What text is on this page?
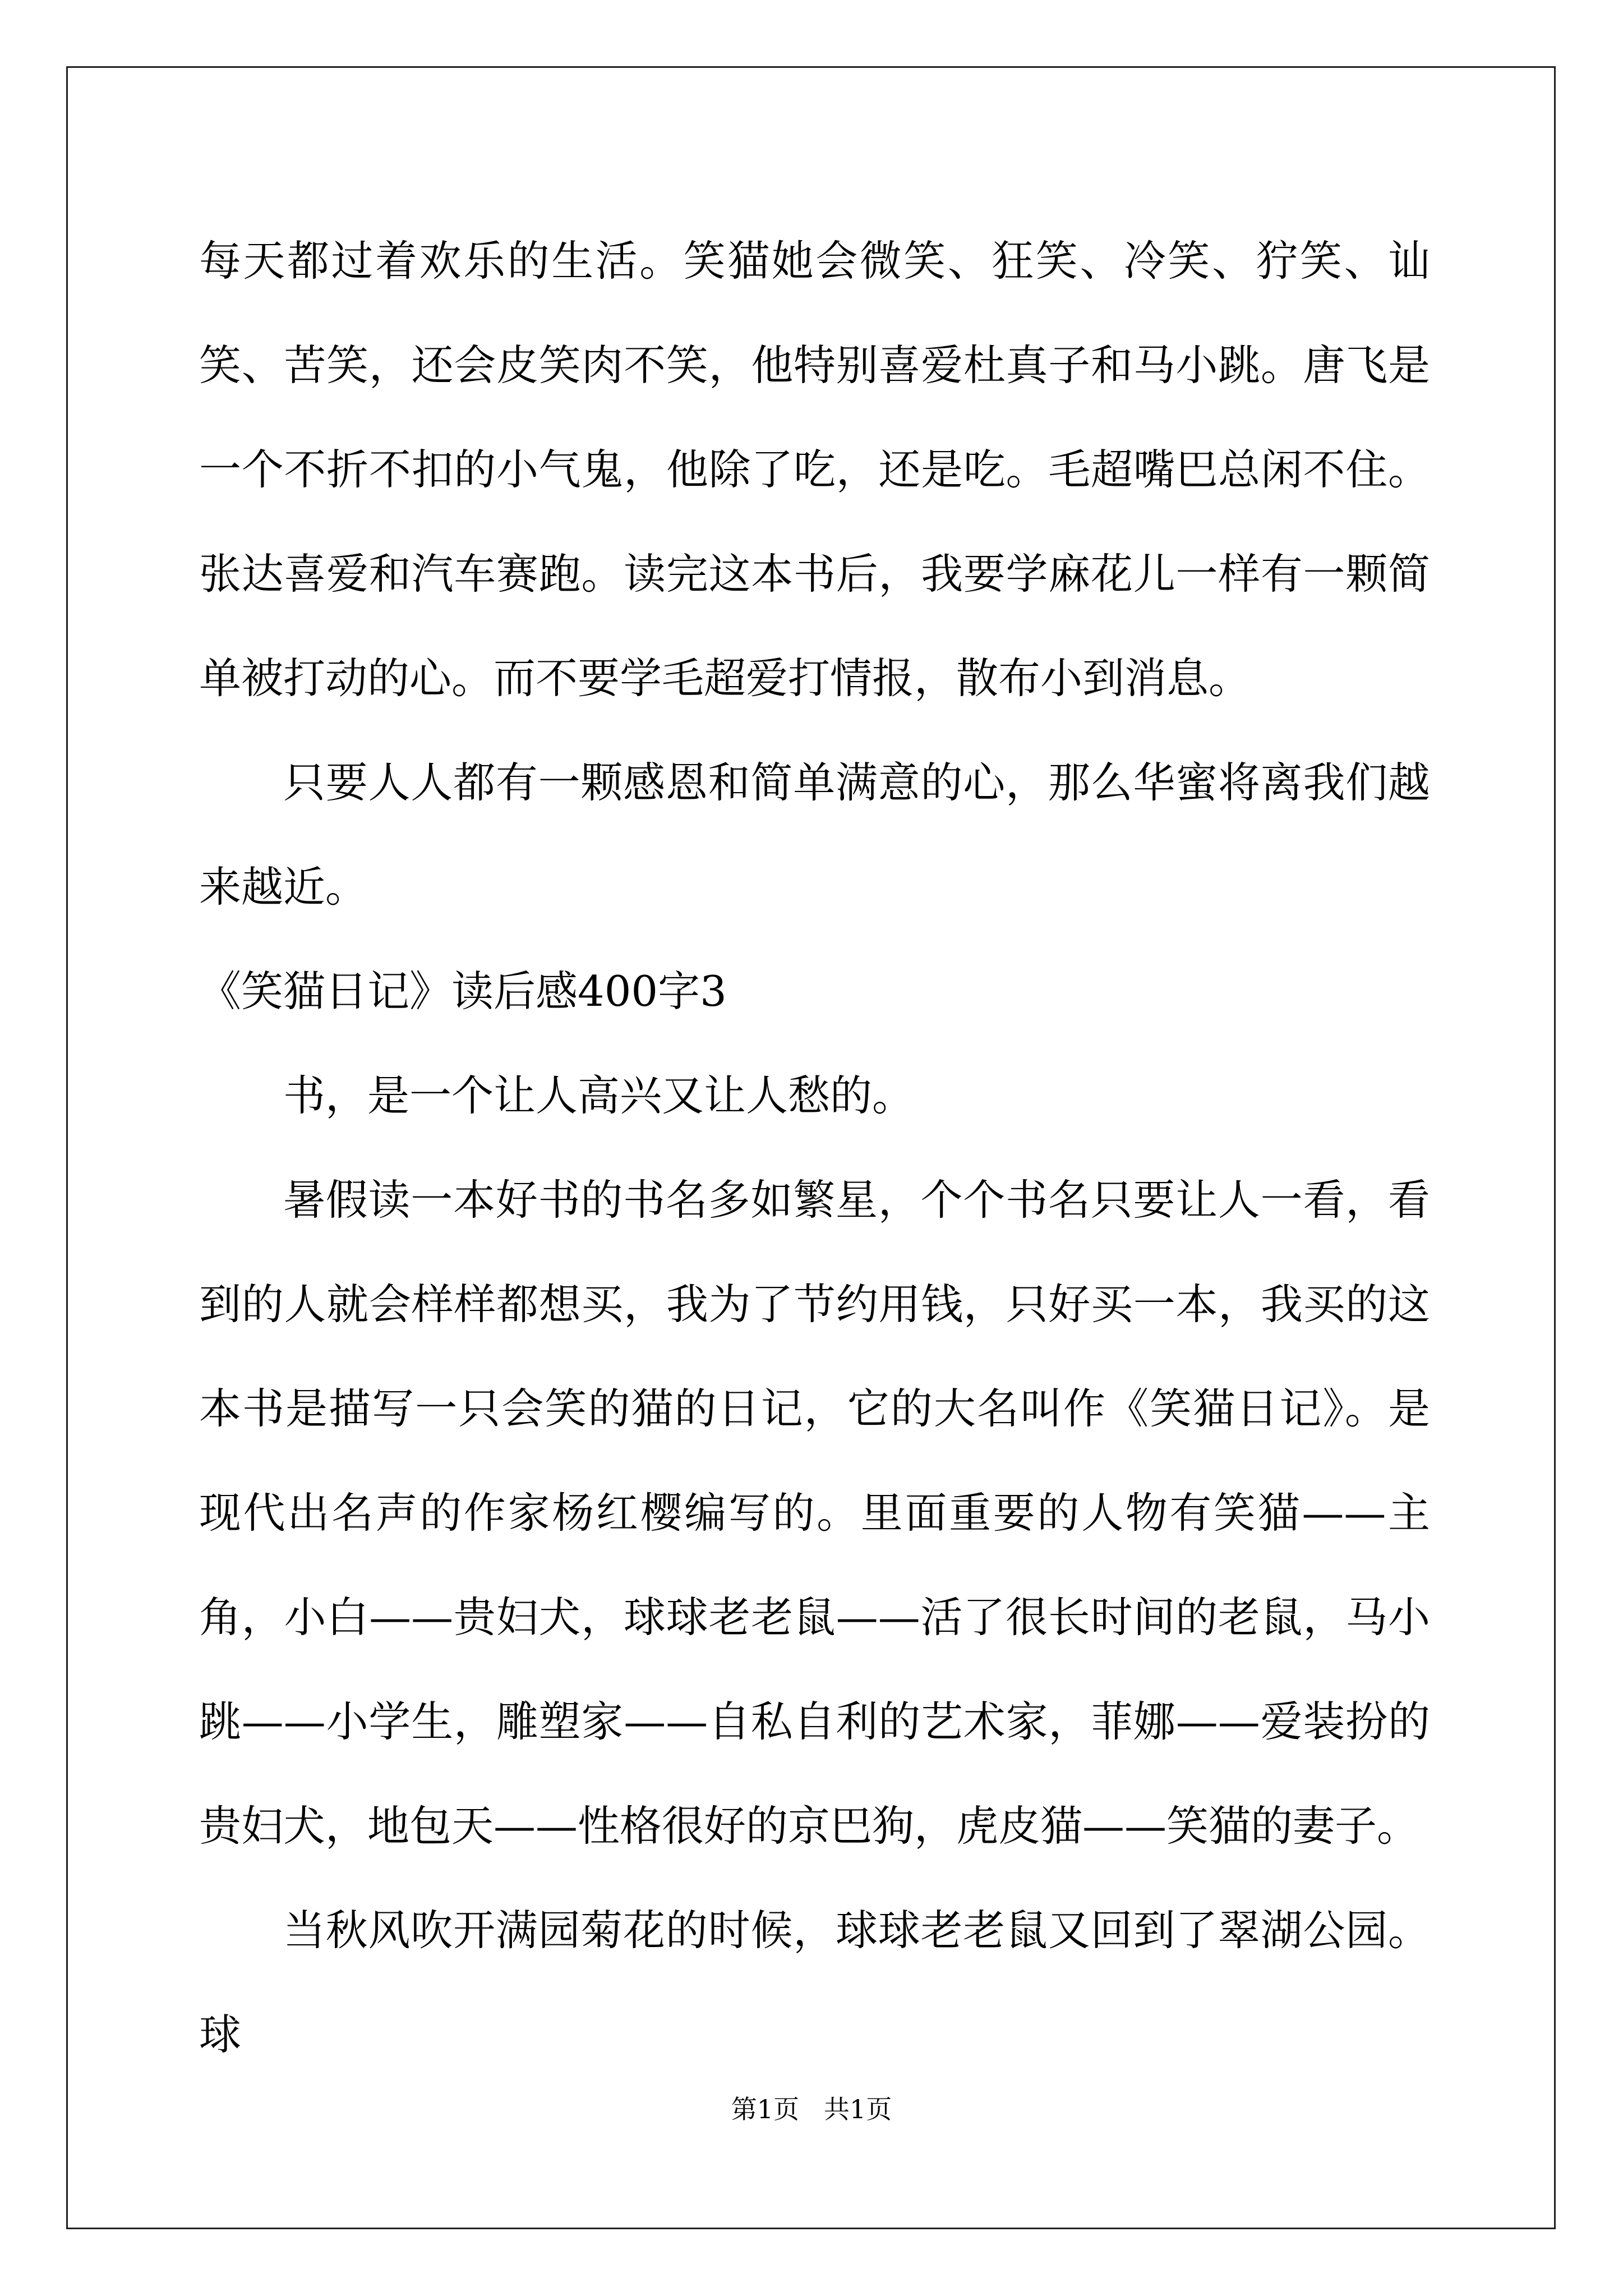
每天都过着欢乐的生活。笑猫她会微笑、狂笑、冷笑、狞笑、讪笑、苦笑，还会皮笑肉不笑，他特别喜爱杜真子和马小跳。唐飞是一个不折不扣的小气鬼，他除了吃，还是吃。毛超嘴巴总闲不住。张达喜爱和汽车赛跑。读完这本书后，我要学麻花儿一样有一颗简单被打动的心。而不要学毛超爱打情报，散布小到消息。

只要人人都有一颗感恩和简单满意的心，那么华蜜将离我们越来越近。

《笑猫日记》读后感400字3

书，是一个让人高兴又让人愁的。

暑假读一本好书的书名多如繁星，个个书名只要让人一看，看到的人就会样样都想买，我为了节约用钱，只好买一本，我买的这本书是描写一只会笑的猫的日记，它的大名叫作《笑猫日记》。是现代出名声的作家杨红樱编写的。里面重要的人物有笑猫——主角，小白——贵妇犬，球球老老鼠——活了很长时间的老鼠，马小跳——小学生，雕塑家——自私自利的艺术家，菲娜——爱装扮的贵妇犬，地包天——性格很好的京巴狗，虎皮猫——笑猫的妻子。

当秋风吹开满园菊花的时候，球球老老鼠又回到了翠湖公园。球

第1页   共1页
